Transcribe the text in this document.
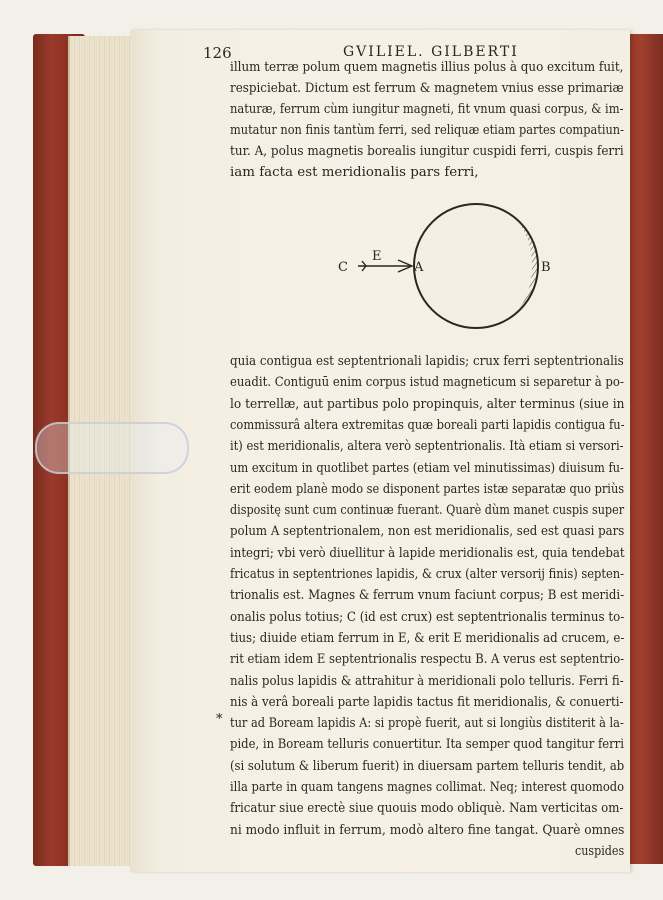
126	GVILIEL. GILBERTI
illum terræ polum quem magnetis illius polus à quo excitum fuit,
respiciebat. Dictum est ferrum & magnetem vnius esse primariæ
naturæ, ferrum cùm iungitur magneti, fit vnum quasi corpus, & im-
mutatur non finis tantùm ferri, sed reliquæ etiam partes compatiun-
tur. A, polus magnetis borealis iungitur cuspidi ferri, cuspis ferri
iam facta est meridionalis pars ferri,
C
E
A	B
quia contigua est septentrionali lapidis; crux ferri septentrionalis
euadit. Contiguū enim corpus istud magneticum si separetur à po-
lo terrellæ, aut partibus polo propinquis, alter terminus (siue in
commissurâ altera extremitas quæ boreali parti lapidis contigua fu-
it) est meridionalis, altera verò septentrionalis. Ità etiam si versori-
um excitum in quotlibet partes (etiam vel minutissimas) diuisum fu-
erit eodem planè modo se disponent partes istæ separatæ quo priùs
dispositę sunt cum continuæ fuerant. Quarè dùm manet cuspis super
polum A septentrionalem, non est meridionalis, sed est quasi pars
integri; vbi verò diuellitur à lapide meridionalis est, quia tendebat
fricatus in septentriones lapidis, & crux (alter versorij finis) septen-
trionalis est. Magnes & ferrum vnum faciunt corpus; B est meridi-
onalis polus totius; C (id est crux) est septentrionalis terminus to-
tius; diuide etiam ferrum in E, & erit E meridionalis ad crucem, e-
rit etiam idem E septentrionalis respectu B. A verus est septentrio-
nalis polus lapidis & attrahitur à meridionali polo telluris. Ferri fi-
nis à verâ boreali parte lapidis tactus fit meridionalis, & conuerti-
tur ad Boream lapidis A: si propè fuerit, aut si longiùs distiterit à la-
pide, in Boream telluris conuertitur. Ita semper quod tangitur ferri
(si solutum & liberum fuerit) in diuersam partem telluris tendit, ab
illa parte in quam tangens magnes collimat. Neq; interest quomodo
fricatur siue erectè siue quouis modo obliquè. Nam verticitas om-
ni modo influit in ferrum, modò altero fine tangat. Quarè omnes
cuspides
*
